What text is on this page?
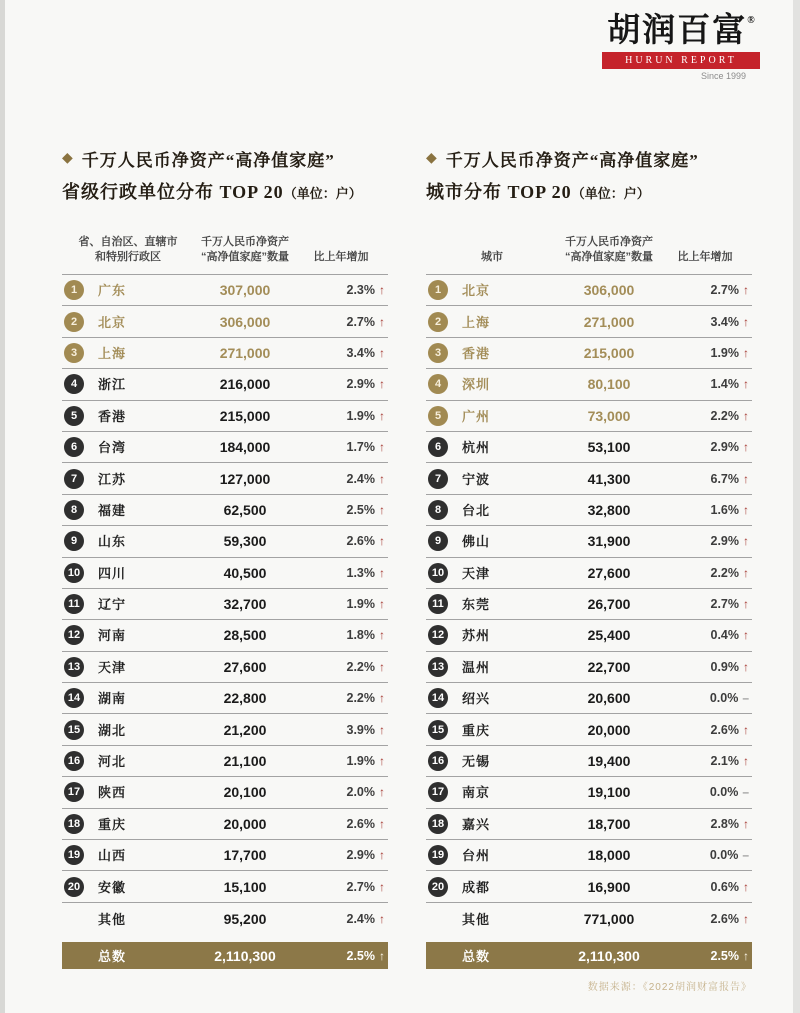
胡润百富®
HURUN REPORT
Since 1999
◆ 千万人民币净资产“高净值家庭”
省级行政单位分布 TOP 20（单位：户）
省、自治区、直辖市
和特别行政区
千万人民币净资产
“高净值家庭”数量	比上年增加
1	广东	307,000	2.3% ↑
2	北京	306,000	2.7% ↑
3	上海	271,000	3.4% ↑
4	浙江	216,000	2.9% ↑
5	香港	215,000	1.9% ↑
6	台湾	184,000	1.7% ↑
7	江苏	127,000	2.4% ↑
8	福建	62,500	2.5% ↑
9	山东	59,300	2.6% ↑
10 四川	40,500	1.3% ↑
11	辽宁	32,700	1.9% ↑
12 河南	28,500	1.8% ↑
13 天津	27,600	2.2% ↑
14 湖南	22,800	2.2% ↑
15 湖北	21,200	3.9% ↑
16 河北	21,100	1.9% ↑
17 陕西	20,100	2.0% ↑
18 重庆	20,000	2.6% ↑
19 山西	17,700	2.9% ↑
20 安徽	15,100	2.7% ↑
其他	95,200	2.4% ↑
总数	2,110,300	2.5% ↑
◆ 千万人民币净资产“高净值家庭”
城市分布 TOP 20（单位：户）
城市
千万人民币净资产
“高净值家庭”数量	比上年增加
1	北京	306,000	2.7% ↑
2	上海	271,000	3.4% ↑
3	香港	215,000	1.9% ↑
4	深圳	80,100	1.4% ↑
5	广州	73,000	2.2% ↑
6	杭州	53,100	2.9% ↑
7	宁波	41,300	6.7% ↑
8	台北	32,800	1.6% ↑
9	佛山	31,900	2.9% ↑
10 天津	27,600	2.2% ↑
11	东莞	26,700	2.7% ↑
12 苏州	25,400	0.4% ↑
13 温州	22,700	0.9% ↑
14 绍兴	20,600	0.0% –
15 重庆	20,000	2.6% ↑
16 无锡	19,400	2.1% ↑
17 南京	19,100	0.0% –
18 嘉兴	18,700	2.8% ↑
19 台州	18,000	0.0% –
20 成都	16,900	0.6% ↑
其他	771,000	2.6% ↑
总数	2,110,300	2.5% ↑
数据来源：《2022胡润财富报告》
